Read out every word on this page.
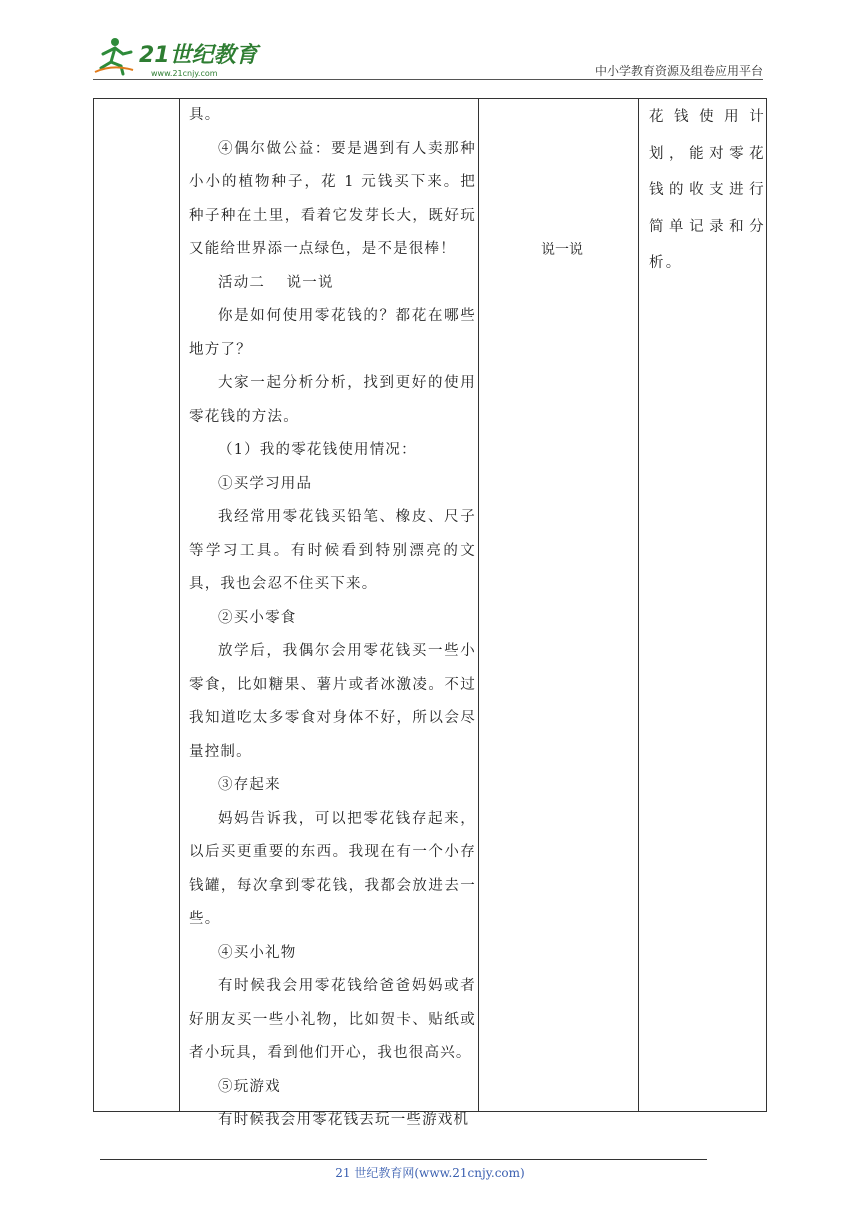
21世纪教育
www.21cnjy.com	中小学教育资源及组卷应用平台

具。

④偶尔做公益：要是遇到有人卖那种小小的植物种子，花 1 元钱买下来。把种子种在土里，看着它发芽长大，既好玩又能给世界添一点绿色，是不是很棒！

活动二　 说一说

你是如何使用零花钱的？都花在哪些地方了？

大家一起分析分析，找到更好的使用零花钱的方法。

（1）我的零花钱使用情况：

①买学习用品

我经常用零花钱买铅笔、橡皮、尺子等学习工具。有时候看到特别漂亮的文具，我也会忍不住买下来。

②买小零食

放学后，我偶尔会用零花钱买一些小零食，比如糖果、薯片或者冰激凌。不过我知道吃太多零食对身体不好，所以会尽量控制。

③存起来

妈妈告诉我，可以把零花钱存起来，以后买更重要的东西。我现在有一个小存钱罐，每次拿到零花钱，我都会放进去一些。

④买小礼物

有时候我会用零花钱给爸爸妈妈或者好朋友买一些小礼物，比如贺卡、贴纸或者小玩具，看到他们开心，我也很高兴。

⑤玩游戏

有时候我会用零花钱去玩一些游戏机

说一说

花钱使用计划，能对零花钱的收支进行简单记录和分析。

21 世纪教育网(www.21cnjy.com)
